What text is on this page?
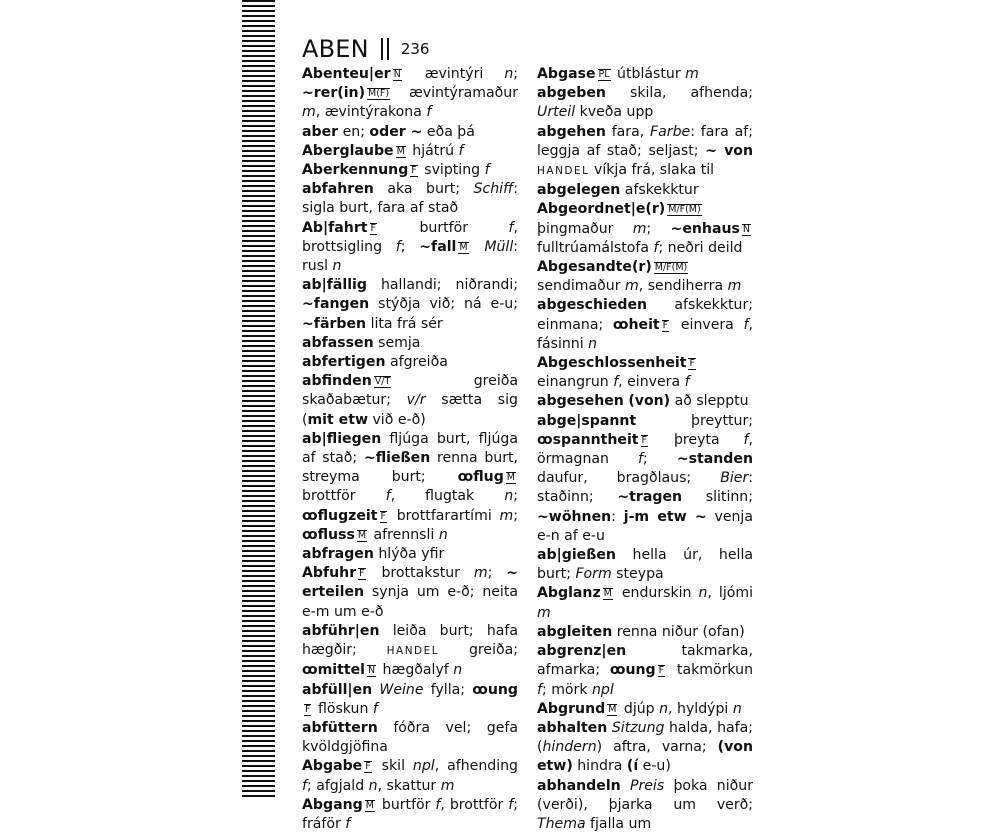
ABEN 236
Abenteu|er N ævintýri n; ~rer(in) M(F) ævintýramaður m, ævintýrakona f
aber en; oder ~ eða þá
Aberglaube M hjátrú f
Aberkennung F svipting f
abfahren aka burt; Schiff: sigla burt, fara af stað
Ab|fahrt F burtför f, brottsigling f; ~fall M Müll: rusl n
ab|fällig hallandi; niðrandi; ~fangen stýðja við; ná e-u; ~färben lita frá sér
abfassen semja
abfertigen afgreiða
abfinden V/T greiða skaðabætur; v/r sætta sig (mit etw við e-ð)
ab|fliegen fljúga burt, fljúga af stað; ~fließen renna burt, streyma burt; ꝏflug M brottför f, flugtak n; ꝏflugzeit F brottfarartími m; ꝏfluss M afrennsli n
abfragen hlýða yfir
Abfuhr F brottakstur m; ~ erteilen synja um e-ð; neita e-m um e-ð
abführ|en leiða burt; hafa hægðir; HANDEL greiða; ꝏmittel N hægðalyf n
abfüll|en Weine fylla; ꝏungF flöskun f
abfüttern fóðra vel; gefa kvöldgjöfina
Abgabe F skil npl, afhending f; afgjald n, skattur m
Abgang M burtför f, brottför f; fráför f
Abgase PL útblástur m
abgeben skila, afhenda; Urteil kveða upp
abgehen fara, Farbe: fara af; leggja af stað; seljast; ~ von HANDEL víkja frá, slaka til
abgelegen afskekktur
Abgeordnet|e(r) M/F(M) þingmaður m; ~enhaus N fulltrúamálstofa f; neðri deild
Abgesandte(r) M/F(M) sendimaður m, sendiherra m
abgeschieden afskekktur; einmana; ꝏheit F einvera f, fásinni n
Abgeschlossenheit F einangrun f, einvera f
abgesehen (von) að slepptu
abge|spannt þreyttur; ꝏspanntheit F þreyta f, örmagnan f; ~standen daufur, bragðlaus; Bier: staðinn; ~tragen slitinn; ~wöhnen: j-m etw ~ venja e-n af e-u
ab|gießen hella úr, hella burt; Form steypa
Abglanz M endurskin n, ljómi m
abgleiten renna niður (ofan)
abgrenz|en takmarka, afmarka; ꝏung F takmörkun f; mörk npl
Abgrund M djúp n, hyldýpi n
abhalten Sitzung halda, hafa; (hindern) aftra, varna; (von etw) hindra (í e-u)
abhandeln Preis þoka niður (verði), þjarka um verð; Thema fjalla um
